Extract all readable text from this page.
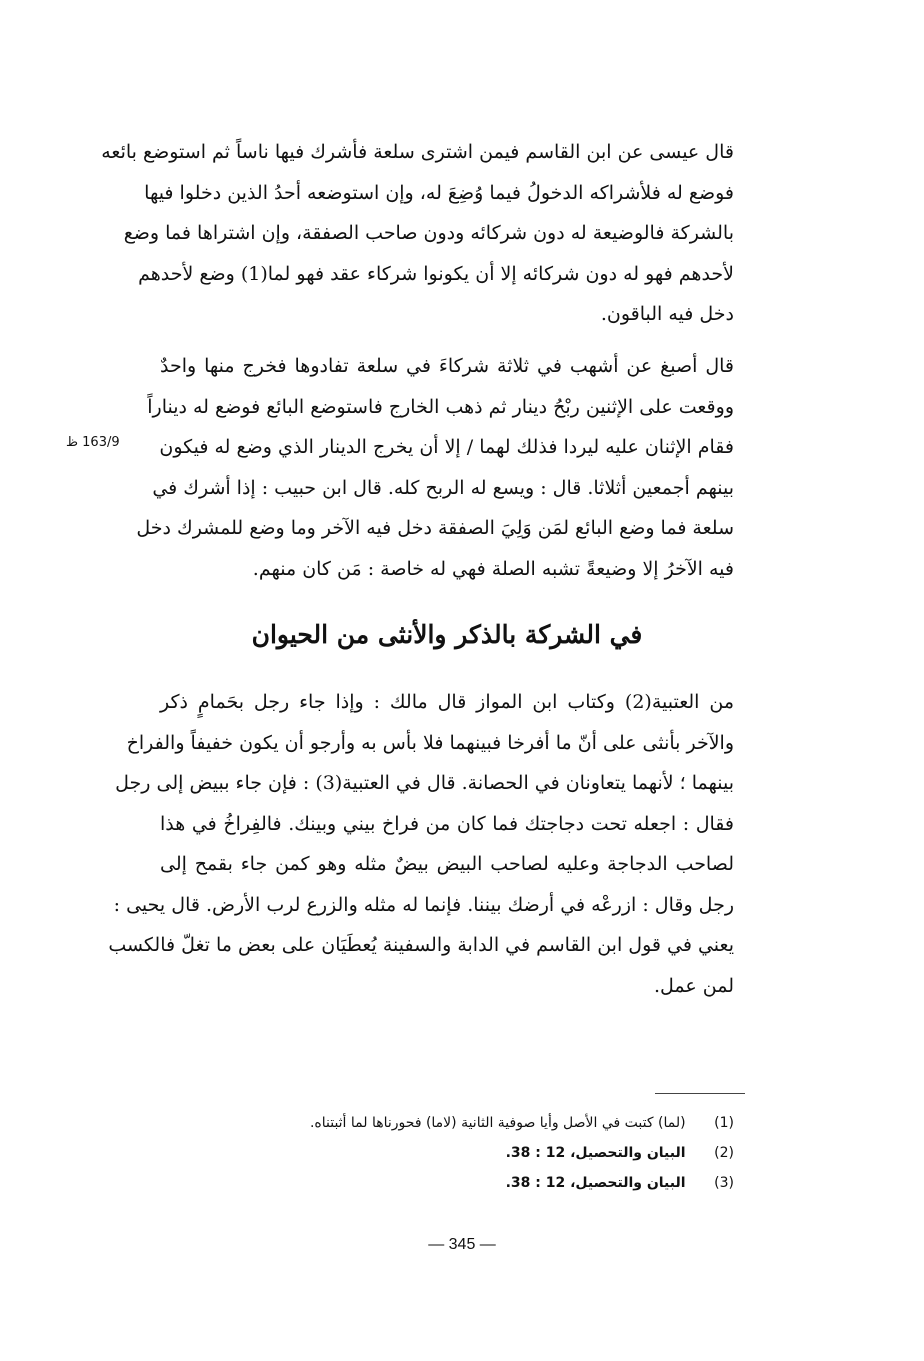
قال عيسى عن ابن القاسم فيمن اشترى سلعة فأشرك فيها ناساً ثم استوضع بائعه
فوضع له فلأشراكه الدخولُ فيما وُضِعَ له، وإن استوضعه أحدُ الذين دخلوا فيها
بالشركة فالوضيعة له دون شركائه ودون صاحب الصفقة، وإن اشتراها فما وضع
لأحدهم فهو له دون شركائه إلا أن يكونوا شركاء عقد فهو لما(1) وضع لأحدهم
دخل فيه الباقون.
قال أصبغ عن أشهب في ثلاثة شركاءَ في سلعة تفادوها فخرج منها واحدٌ
ووقعت على الإثنين ربْحُ دينار ثم ذهب الخارج فاستوضع البائع فوضع له ديناراً
فقام الإثنان عليه ليردا فذلك لهما / إلا أن يخرج الدينار الذي وضع له فيكون
بينهم أجمعين أثلاثا. قال : ويسع له الربح كله. قال ابن حبيب : إذا أشرك في
سلعة فما وضع البائع لمَن وَلِيَ الصفقة دخل فيه الآخر وما وضع للمشرك دخل
فيه الآخرُ إلا وضيعةً تشبه الصلة فهي له خاصة : مَن كان منهم.
163/9 ظ
في الشركة بالذكر والأنثى من الحيوان
من العتبية(2) وكتاب ابن المواز قال مالك : وإذا جاء رجل بحَمامٍ ذكر
والآخر بأنثى على أنّ ما أفرخا فبينهما فلا بأس به وأرجو أن يكون خفيفاً والفراخ
بينهما ؛ لأنهما يتعاونان في الحصانة. قال في العتبية(3) : فإن جاء ببيض إلى رجل
فقال : اجعله تحت دجاجتك فما كان من فراخ بيني وبينك. فالفِراخُ في هذا
لصاحب الدجاجة وعليه لصاحب البيض بيضٌ مثله وهو كمن جاء بقمح إلى
رجل وقال : ازرعْه في أرضك بيننا. فإنما له مثله والزرع لرب الأرض. قال يحيى :
يعني في قول ابن القاسم في الدابة والسفينة يُعطَيَان على بعض ما تغلّ فالكسب
لمن عمل.
(1) (لما) كتبت في الأصل وأيا صوفية الثانية (لاما) فحورناها لما أثبتناه.
(2) البيان والتحصيل، 12 : 38.
(3) البيان والتحصيل، 12 : 38.
— 345 —
